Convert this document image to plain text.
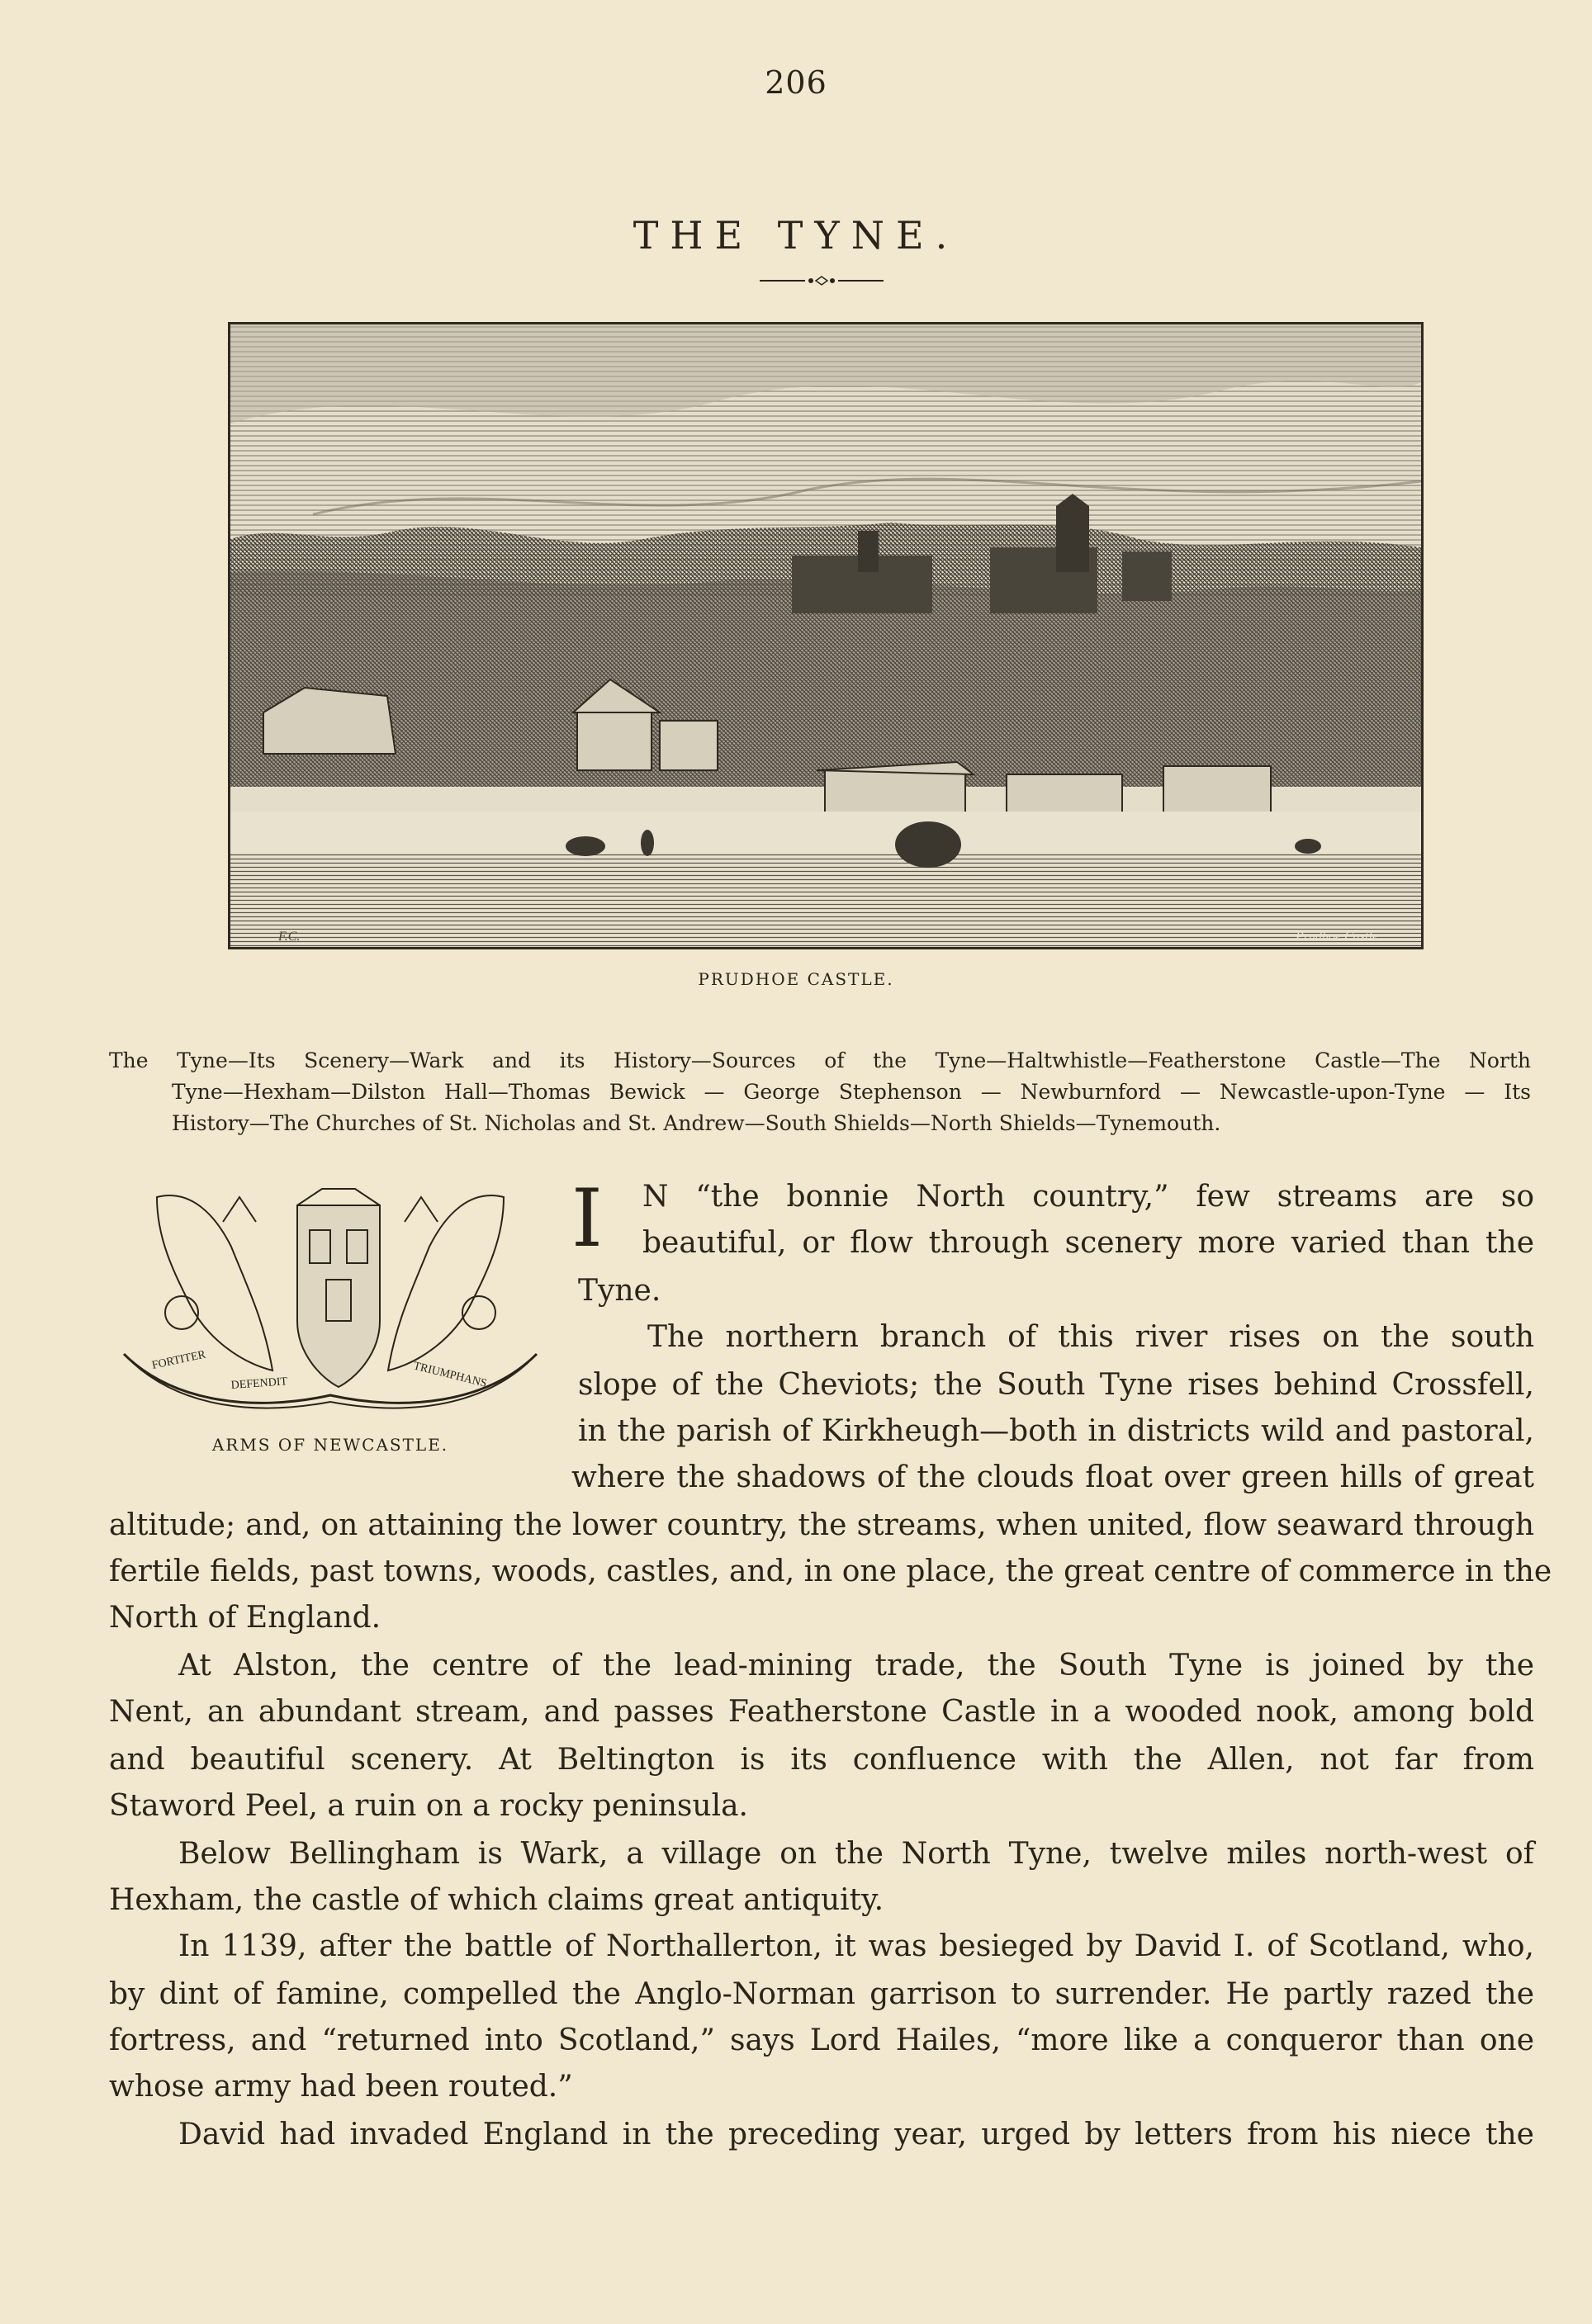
206
THE TYNE.
F.C.	Prudhoe Castle
PRUDHOE CASTLE.
The Tyne—Its Scenery—Wark and its History—Sources of the Tyne—Haltwhistle—Featherstone Castle—The North
Tyne—Hexham—Dilston Hall—Thomas Bewick — George Stephenson — Newburnford — Newcastle-upon-Tyne — Its
History—The Churches of St. Nicholas and St. Andrew—South Shields—North Shields—Tynemouth.
FORTITER
DEFENDIT	TRIUMPHANS
ARMS OF NEWCASTLE.
I N “the bonnie North country,” few streams are so
beautiful, or flow through scenery more varied than the
Tyne.
The northern branch of this river rises on the south
slope of the Cheviots; the South Tyne rises behind Crossfell,
in the parish of Kirkheugh—both in districts wild and pastoral,
where the shadows of the clouds float over green hills of great
altitude; and, on attaining the lower country, the streams, when united, flow seaward through
fertile fields, past towns, woods, castles, and, in one place, the great centre of commerce in the
North of England.
At Alston, the centre of the lead-mining trade, the South Tyne is joined by the
Nent, an abundant stream, and passes Featherstone Castle in a wooded nook, among bold
and beautiful scenery. At Beltington is its confluence with the Allen, not far from
Staword Peel, a ruin on a rocky peninsula.
Below Bellingham is Wark, a village on the North Tyne, twelve miles north-west of
Hexham, the castle of which claims great antiquity.
In 1139, after the battle of Northallerton, it was besieged by David I. of Scotland, who,
by dint of famine, compelled the Anglo-Norman garrison to surrender. He partly razed the
fortress, and “returned into Scotland,” says Lord Hailes, “more like a conqueror than one
whose army had been routed.”
David had invaded England in the preceding year, urged by letters from his niece the
